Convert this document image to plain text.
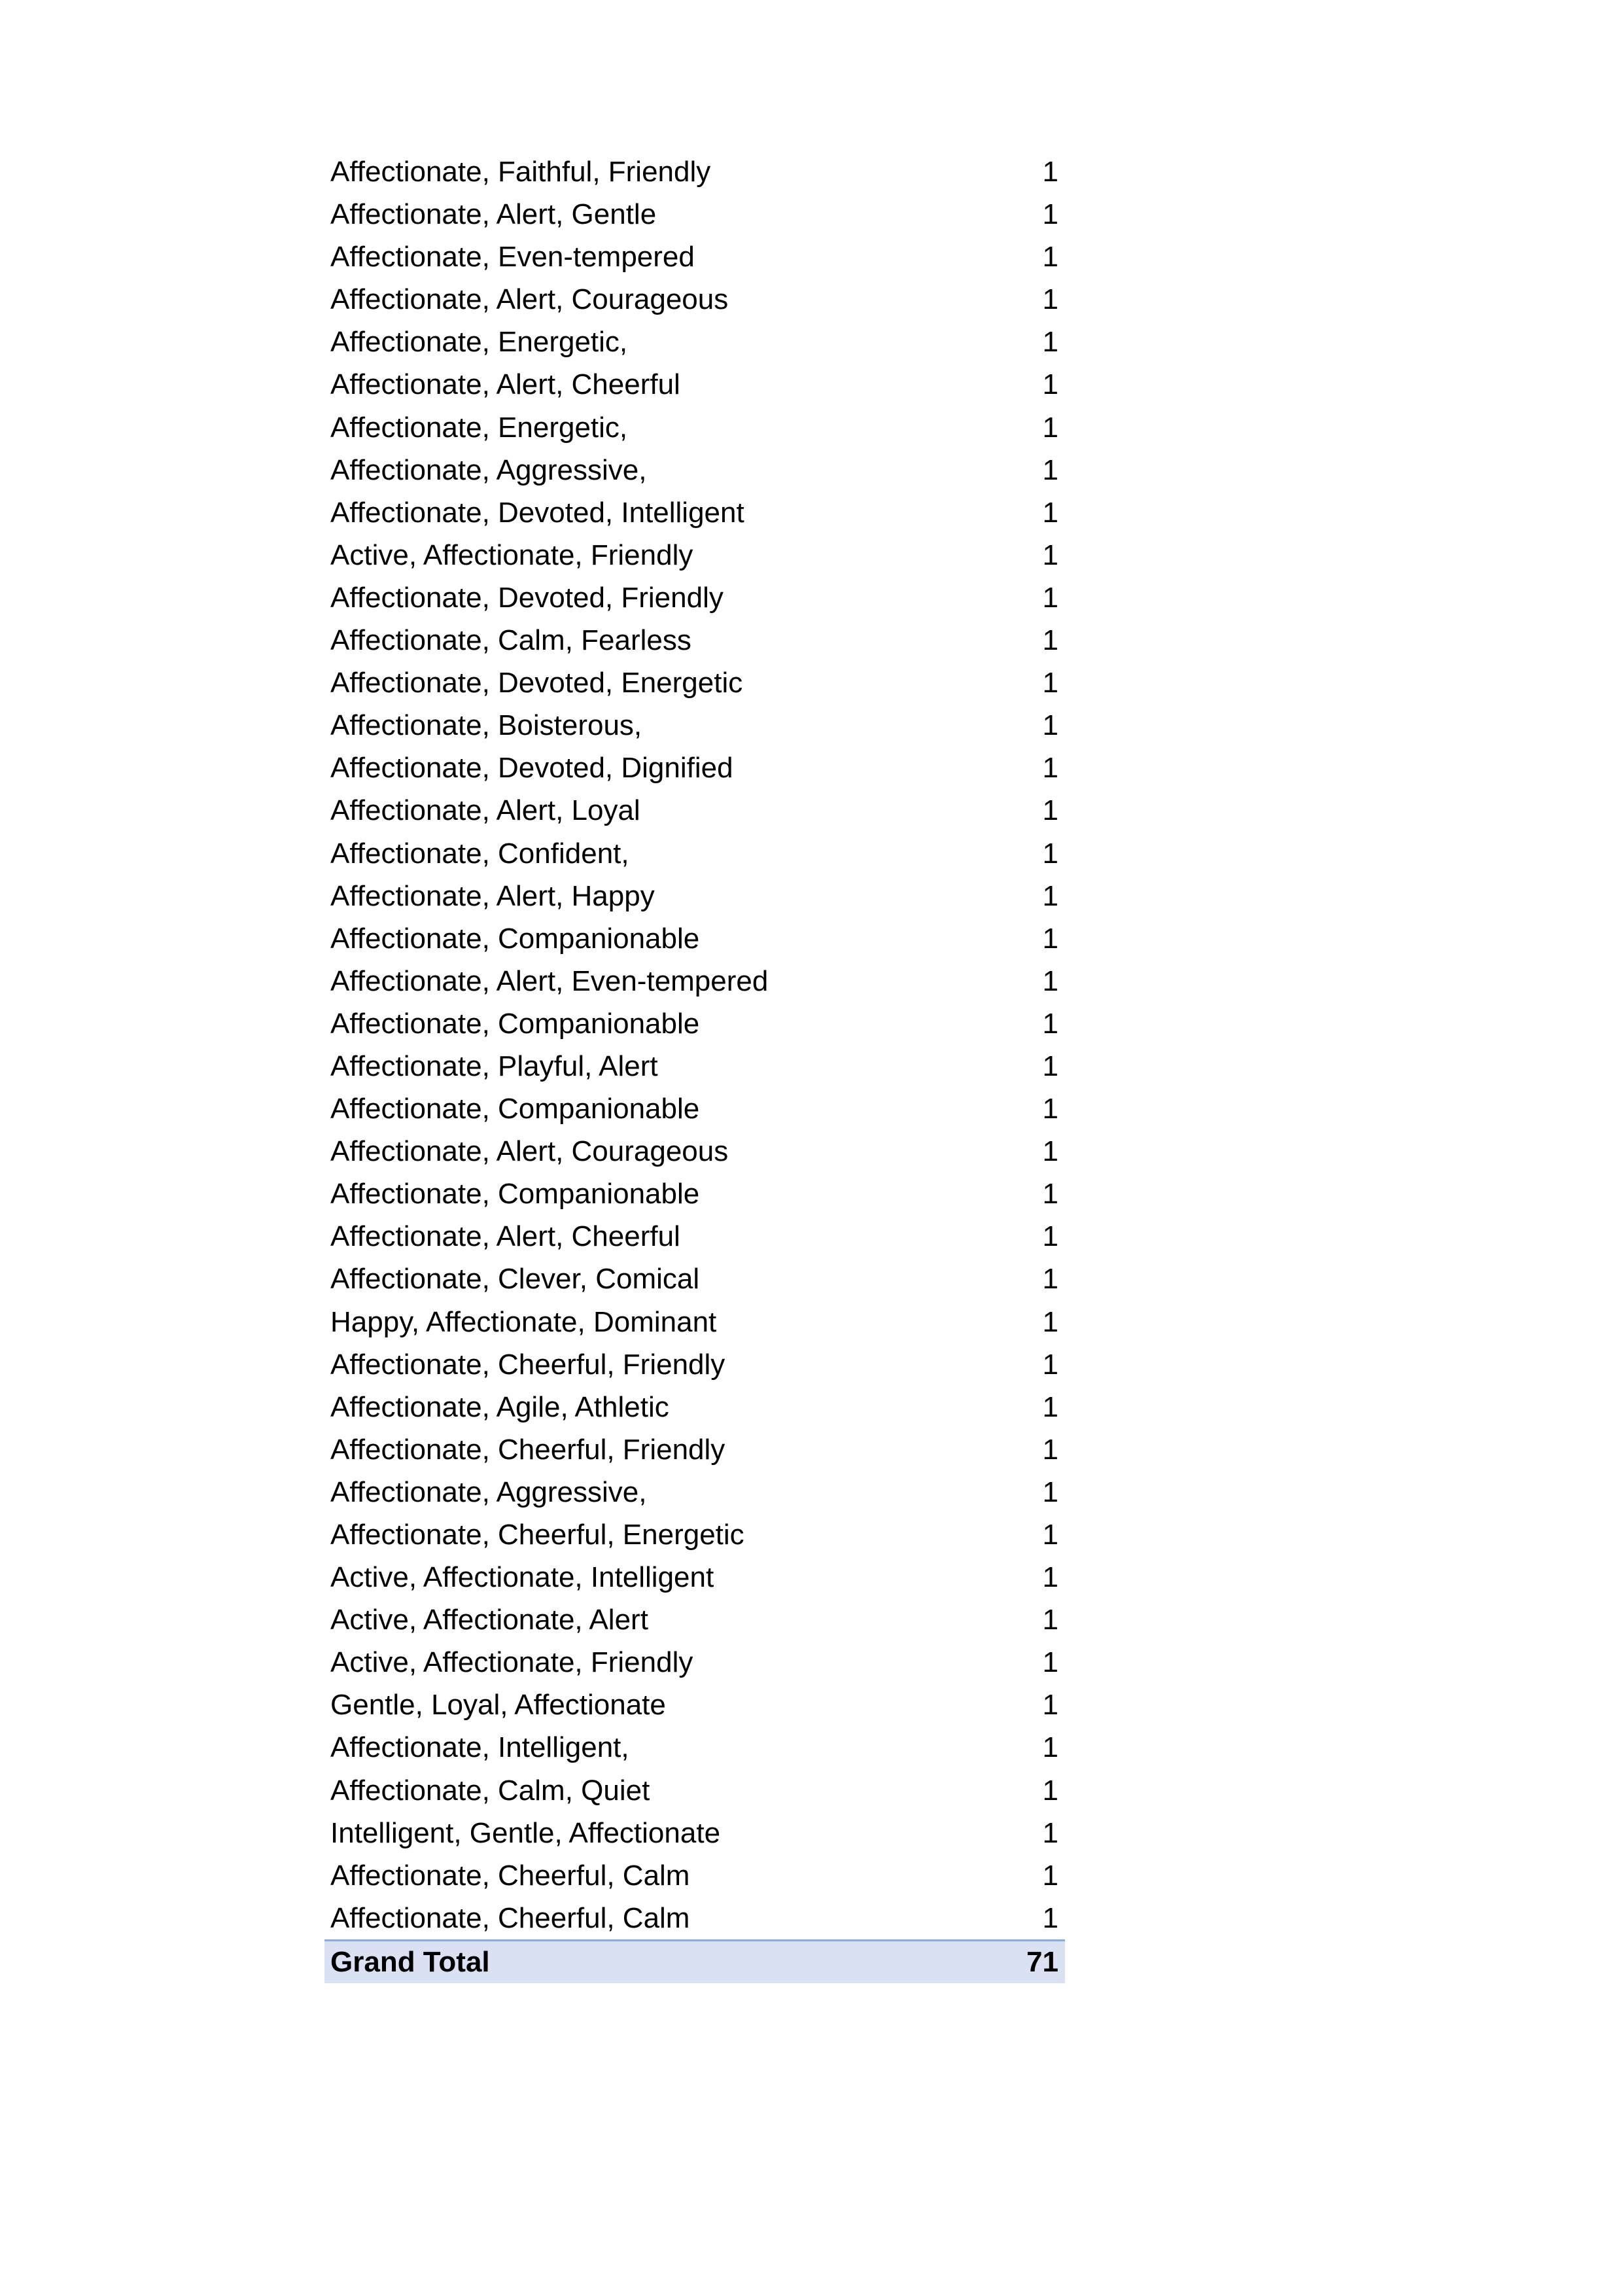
Affectionate, Faithful, Friendly	1
Affectionate, Alert, Gentle	1
Affectionate, Even-tempered	1
Affectionate, Alert, Courageous	1
Affectionate, Energetic,	1
Affectionate, Alert, Cheerful	1
Affectionate, Energetic,	1
Affectionate, Aggressive,	1
Affectionate, Devoted, Intelligent	1
Active, Affectionate, Friendly	1
Affectionate, Devoted, Friendly	1
Affectionate, Calm, Fearless	1
Affectionate, Devoted, Energetic	1
Affectionate, Boisterous,	1
Affectionate, Devoted, Dignified	1
Affectionate, Alert, Loyal	1
Affectionate, Confident,	1
Affectionate, Alert, Happy	1
Affectionate, Companionable	1
Affectionate, Alert, Even-tempered	1
Affectionate, Companionable	1
Affectionate, Playful, Alert	1
Affectionate, Companionable	1
Affectionate, Alert, Courageous	1
Affectionate, Companionable	1
Affectionate, Alert, Cheerful	1
Affectionate, Clever, Comical	1
Happy, Affectionate, Dominant	1
Affectionate, Cheerful, Friendly	1
Affectionate, Agile, Athletic	1
Affectionate, Cheerful, Friendly	1
Affectionate, Aggressive,	1
Affectionate, Cheerful, Energetic	1
Active, Affectionate, Intelligent	1
Active, Affectionate, Alert	1
Active, Affectionate, Friendly	1
Gentle, Loyal, Affectionate	1
Affectionate, Intelligent,	1
Affectionate, Calm, Quiet	1
Intelligent, Gentle, Affectionate	1
Affectionate, Cheerful, Calm	1
Affectionate, Cheerful, Calm	1
Grand Total	71
